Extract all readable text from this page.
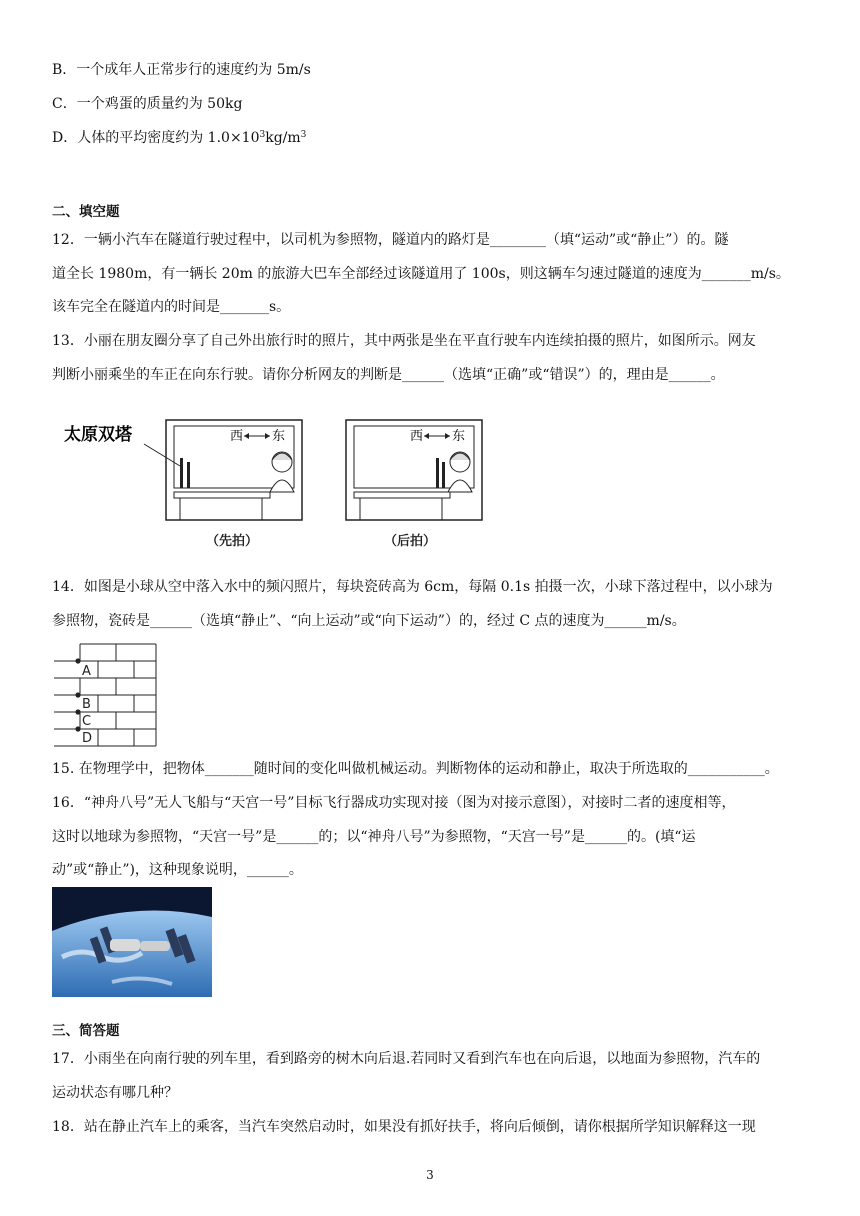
B．一个成年人正常步行的速度约为 5m/s
C．一个鸡蛋的质量约为 50kg
D．人体的平均密度约为 $1.0\times 10^3kg/m^3$
二、填空题
12．一辆小汽车在隧道行驶过程中，以司机为参照物，隧道内的路灯是________（填“运动”或“静止”）的。隧
道全长 1980m，有一辆长 20m 的旅游大巴车全部经过该隧道用了 100s，则这辆车匀速过隧道的速度为_______m/s。
该车完全在隧道内的时间是_______s。
13．小丽在朋友圈分享了自己外出旅行时的照片，其中两张是坐在平直行驶车内连续拍摄的照片，如图所示。网友
判断小丽乘坐的车正在向东行驶。请你分析网友的判断是______（选填“正确”或“错误”）的，理由是______。
太原双塔	西 东
（先拍）
西 东
（后拍）
14．如图是小球从空中落入水中的频闪照片，每块瓷砖高为 6cm，每隔 0.1s 拍摄一次，小球下落过程中，以小球为
参照物，瓷砖是______（选填“静止”、“向上运动”或“向下运动”）的，经过 C 点的速度为______m/s。
A
B
C
D
15. 在物理学中，把物体_______随时间的变化叫做机械运动。判断物体的运动和静止，取决于所选取的___________。
16．“神舟八号”无人飞船与“天宫一号”目标飞行器成功实现对接（图为对接示意图），对接时二者的速度相等，
这时以地球为参照物，“天宫一号”是______的；以“神舟八号”为参照物，“天宫一号”是______的。(填“运
动”或“静止”)，这种现象说明，______。
三、简答题
17．小雨坐在向南行驶的列车里，看到路旁的树木向后退.若同时又看到汽车也在向后退，以地面为参照物，汽车的
运动状态有哪几种？
18．站在静止汽车上的乘客，当汽车突然启动时，如果没有抓好扶手，将向后倾倒，请你根据所学知识解释这一现
3
